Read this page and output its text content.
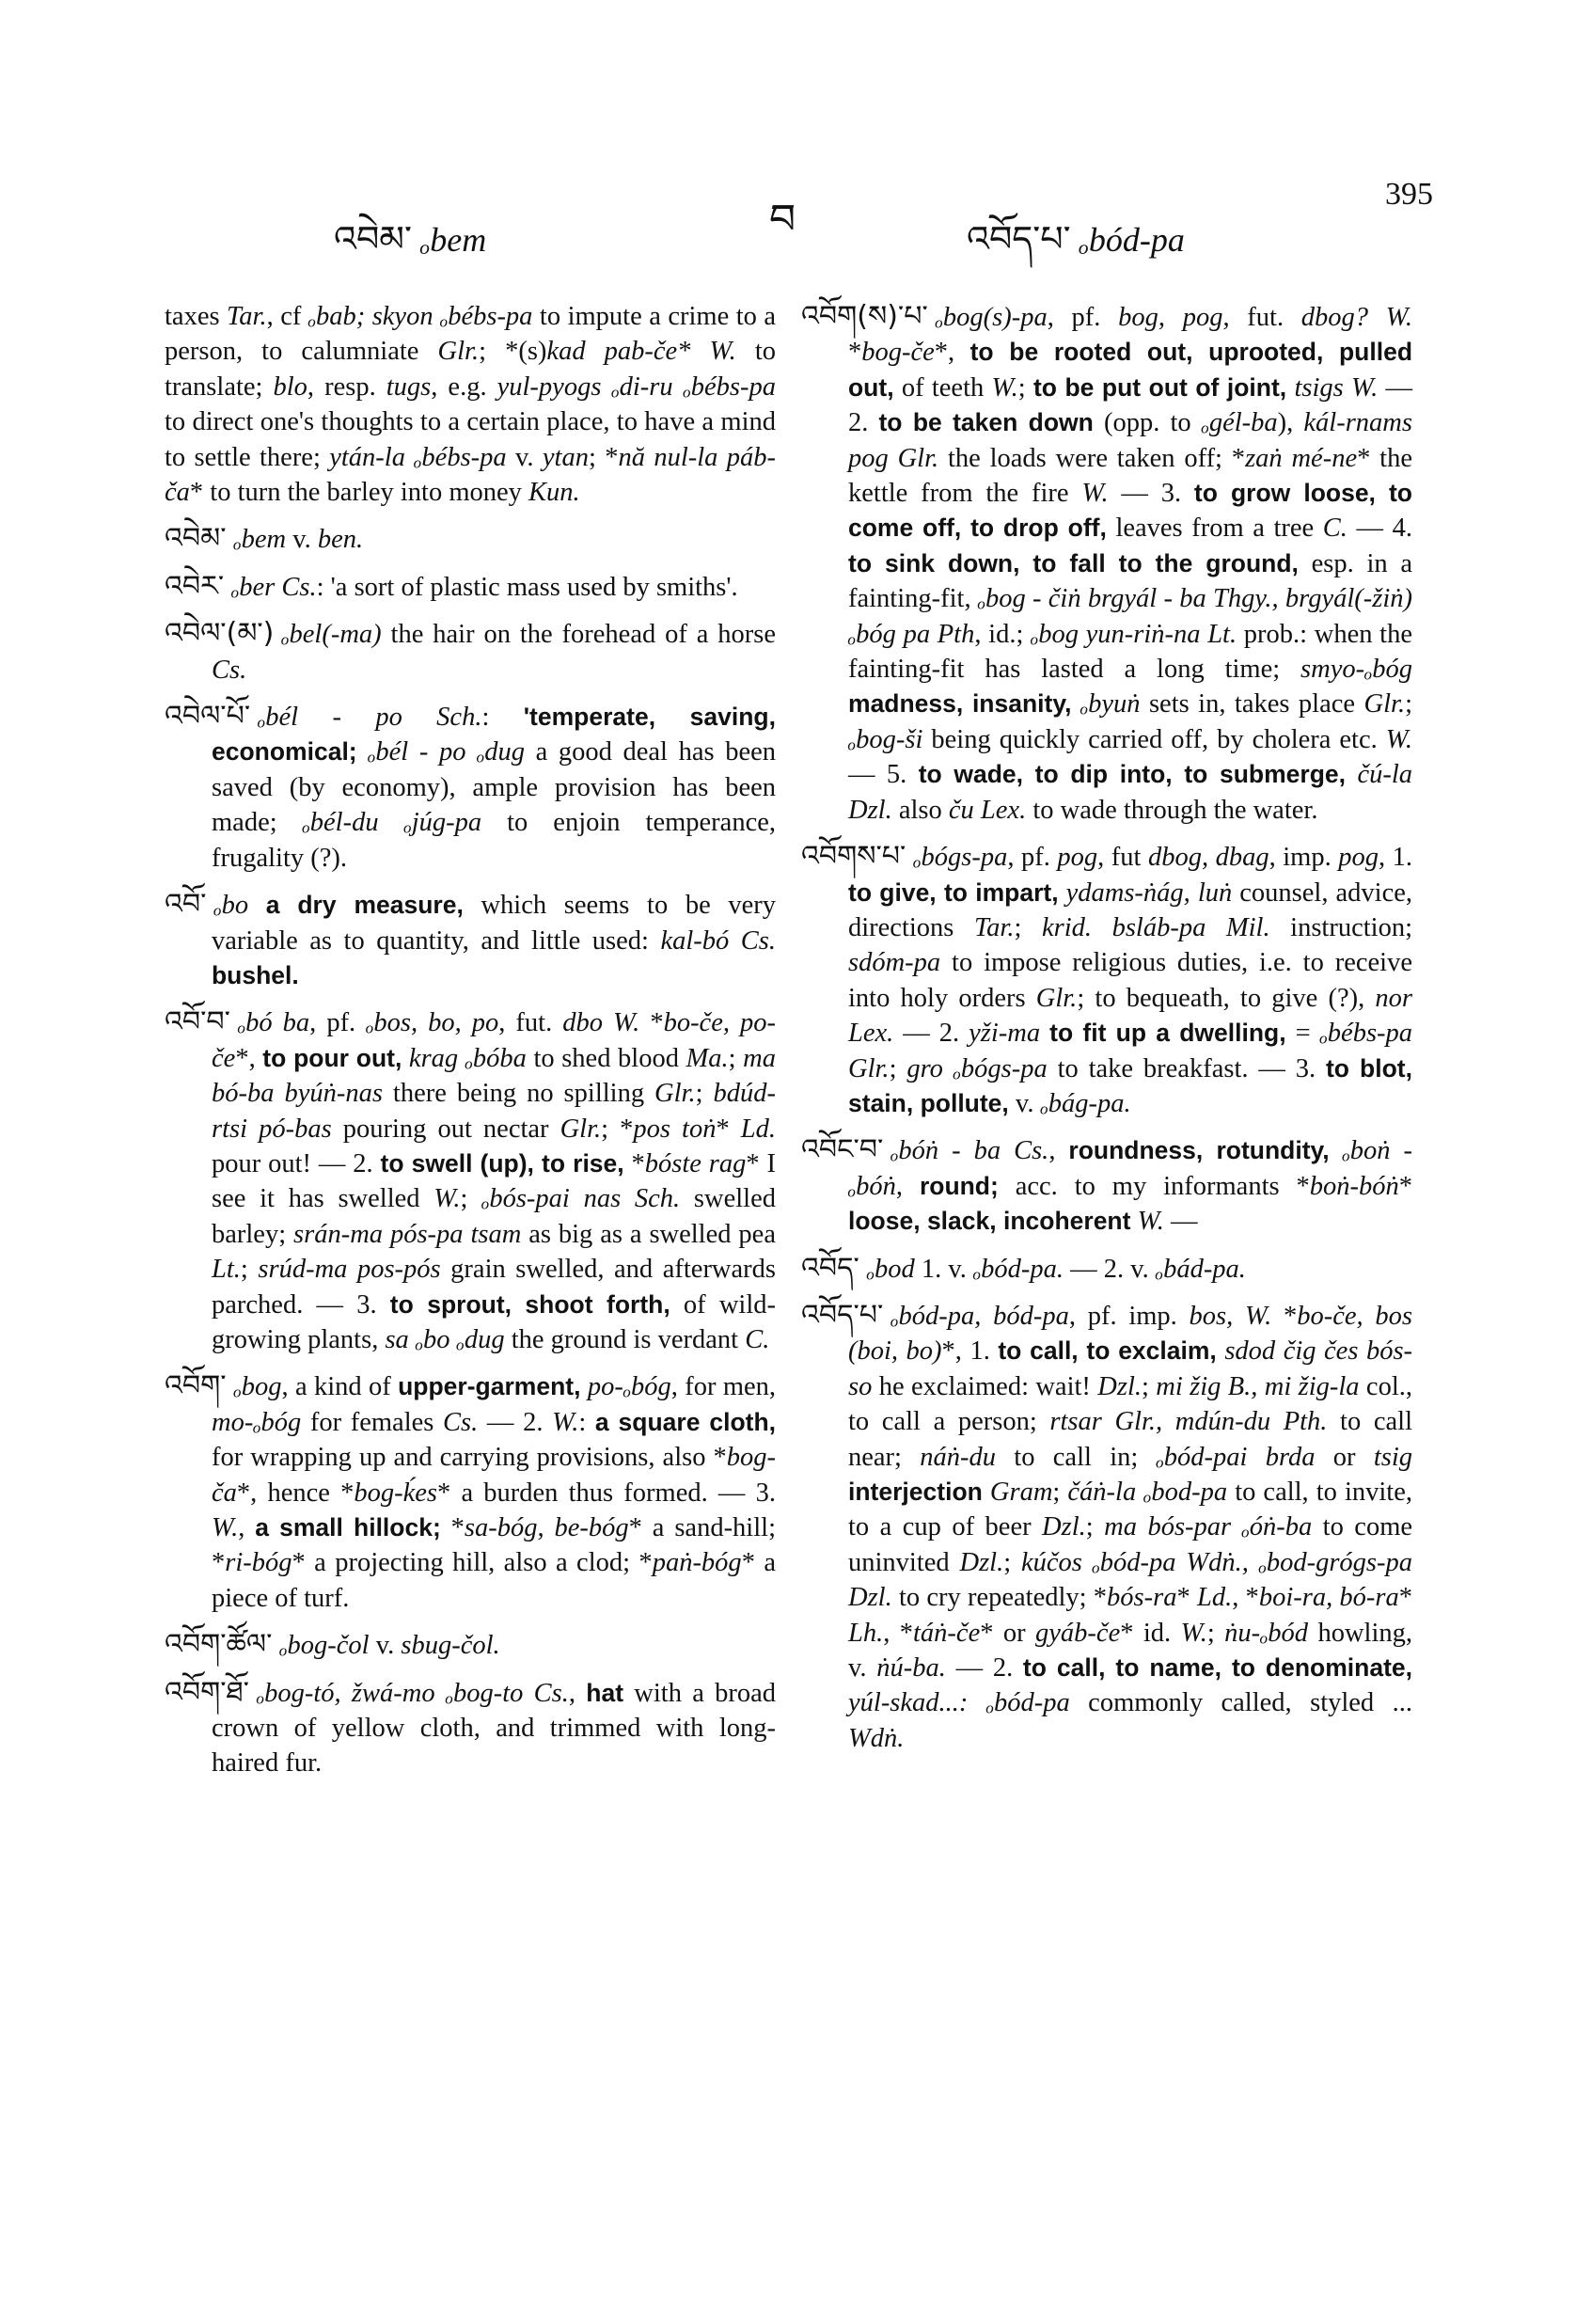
འབེམ་ ₒbem	བ	འབོད་པ་ ₒbód-pa
395

taxes Tar., cf ₒbab; skyon ₒbébs-pa to impute a crime to a person, to calumniate Glr.; *(s)kad pab-če* W. to translate; blo, resp. tugs, e.g. yul-pyogs ₒdi-ru ₒbébs-pa to direct one's thoughts to a certain place, to have a mind to settle there; ytán-la ₒbébs-pa v. ytan; *nă nul-la páb-ča* to turn the barley into money Kun.

འབེམ་ ₒbem v. ben.

འབེར་ ₒber Cs.: 'a sort of plastic mass used by smiths'.

འབེལ་(མ་) ₒbel(-ma) the hair on the forehead of a horse Cs.

འབེལ་པོ་ ₒbél - po Sch.: 'temperate, saving, economical; ₒbél - po ₒdug a good deal has been saved (by economy), ample provision has been made; ₒbél-du ₒjúg-pa to enjoin temperance, frugality (?).

འབོ་ ₒbo a dry measure, which seems to be very variable as to quantity, and little used: kal-bó Cs. bushel.

འབོ་བ་ ₒbó ba, pf. ₒbos, bo, po, fut. dbo W. *bo-če, po-če*, to pour out, krag ₒbóba to shed blood Ma.; ma bó-ba byúṅ-nas there being no spilling Glr.; bdúd-rtsi pó-bas pouring out nectar Glr.; *pos toṅ* Ld. pour out! — 2. to swell (up), to rise, *bóste rag* I see it has swelled W.; ₒbós-pai nas Sch. swelled barley; srán-ma pós-pa tsam as big as a swelled pea Lt.; srúd-ma pos-pós grain swelled, and afterwards parched. — 3. to sprout, shoot forth, of wild-growing plants, sa ₒbo ₒdug the ground is verdant C.

འབོག་ ₒbog, a kind of upper-garment, po-ₒbóg, for men, mo-ₒbóg for females Cs. — 2. W.: a square cloth, for wrapping up and carrying provisions, also *bog-ča*, hence *bog-ḱes* a burden thus formed. — 3. W., a small hillock; *sa-bóg, be-bóg* a sand-hill; *ri-bóg* a projecting hill, also a clod; *paṅ-bóg* a piece of turf.

འབོག་ཚོལ་ ₒbog-čol v. sbug-čol.

འབོག་ཐོ་ ₒbog-tó, žwá-mo ₒbog-to Cs., hat with a broad crown of yellow cloth, and trimmed with long-haired fur.

འབོག(ས)་པ་ ₒbog(s)-pa, pf. bog, pog, fut. dbog? W. *bog-če*, to be rooted out, uprooted, pulled out, of teeth W.; to be put out of joint, tsigs W. — 2. to be taken down (opp. to ₒgél-ba), kál-rnams pog Glr. the loads were taken off; *zaṅ mé-ne* the kettle from the fire W. — 3. to grow loose, to come off, to drop off, leaves from a tree C. — 4. to sink down, to fall to the ground, esp. in a fainting-fit, ₒbog - čiṅ brgyál - ba Thgy., brgyál(-žiṅ) ₒbóg pa Pth, id.; ₒbog yun-riṅ-na Lt. prob.: when the fainting-fit has lasted a long time; smyo-ₒbóg madness, insanity, ₒbyuṅ sets in, takes place Glr.; ₒbog-ši being quickly carried off, by cholera etc. W. — 5. to wade, to dip into, to submerge, čú-la Dzl. also ču Lex. to wade through the water.

འབོགས་པ་ ₒbógs-pa, pf. pog, fut dbog, dbag, imp. pog, 1. to give, to impart, ydams-ṅág, luṅ counsel, advice, directions Tar.; krid. bsláb-pa Mil. instruction; sdóm-pa to impose religious duties, i.e. to receive into holy orders Glr.; to bequeath, to give (?), nor Lex. — 2. yži-ma to fit up a dwelling, = ₒbébs-pa Glr.; gro ₒbógs-pa to take breakfast. — 3. to blot, stain, pollute, v. ₒbág-pa.

འབོང་བ་ ₒbóṅ - ba Cs., roundness, rotundity, ₒboṅ - ₒbóṅ, round; acc. to my informants *boṅ-bóṅ* loose, slack, incoherent W. —

འབོད་ ₒbod 1. v. ₒbód-pa. — 2. v. ₒbád-pa.

འབོད་པ་ ₒbód-pa, bód-pa, pf. imp. bos, W. *bo-če, bos (boi, bo)*, 1. to call, to exclaim, sdod čig čes bós-so he exclaimed: wait! Dzl.; mi žig B., mi žig-la col., to call a person; rtsar Glr., mdún-du Pth. to call near; náṅ-du to call in; ₒbód-pai brda or tsig interjection Gram; čáṅ-la ₒbod-pa to call, to invite, to a cup of beer Dzl.; ma bós-par ₒóṅ-ba to come uninvited Dzl.; kúčos ₒbód-pa Wdṅ., ₒbod-grógs-pa Dzl. to cry repeatedly; *bós-ra* Ld., *boi-ra, bó-ra* Lh., *táṅ-če* or gyáb-če* id. W.; ṅu-ₒbód howling, v. ṅú-ba. — 2. to call, to name, to denominate, yúl-skad...: ₒbód-pa commonly called, styled ... Wdṅ.
